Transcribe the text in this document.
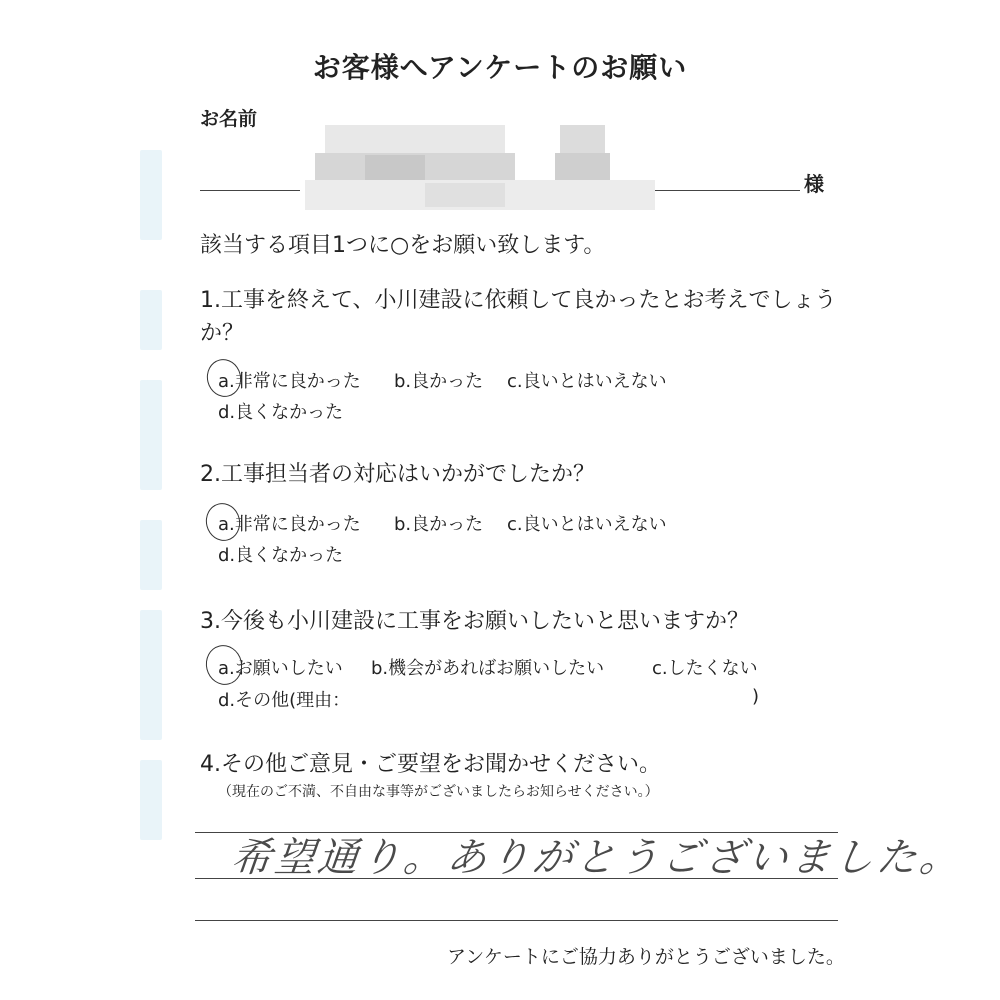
お客様へアンケートのお願い
お名前
様
該当する項目1つに○をお願い致します。
1.工事を終えて、小川建設に依頼して良かったとお考えでしょう
か？
a.非常に良かった b.良かった c.良いとはいえない
d.良くなかった
2.工事担当者の対応はいかがでしたか？
a.非常に良かった b.良かった c.良いとはいえない
d.良くなかった
3.今後も小川建設に工事をお願いしたいと思いますか？
a.お願いしたい b.機会があればお願いしたい	c.したくない
d.その他(理由：	)
4.その他ご意見・ご要望をお聞かせください。
（現在のご不満、不自由な事等がございましたらお知らせください。）
希望通り。ありがとうございました。
アンケートにご協力ありがとうございました。
